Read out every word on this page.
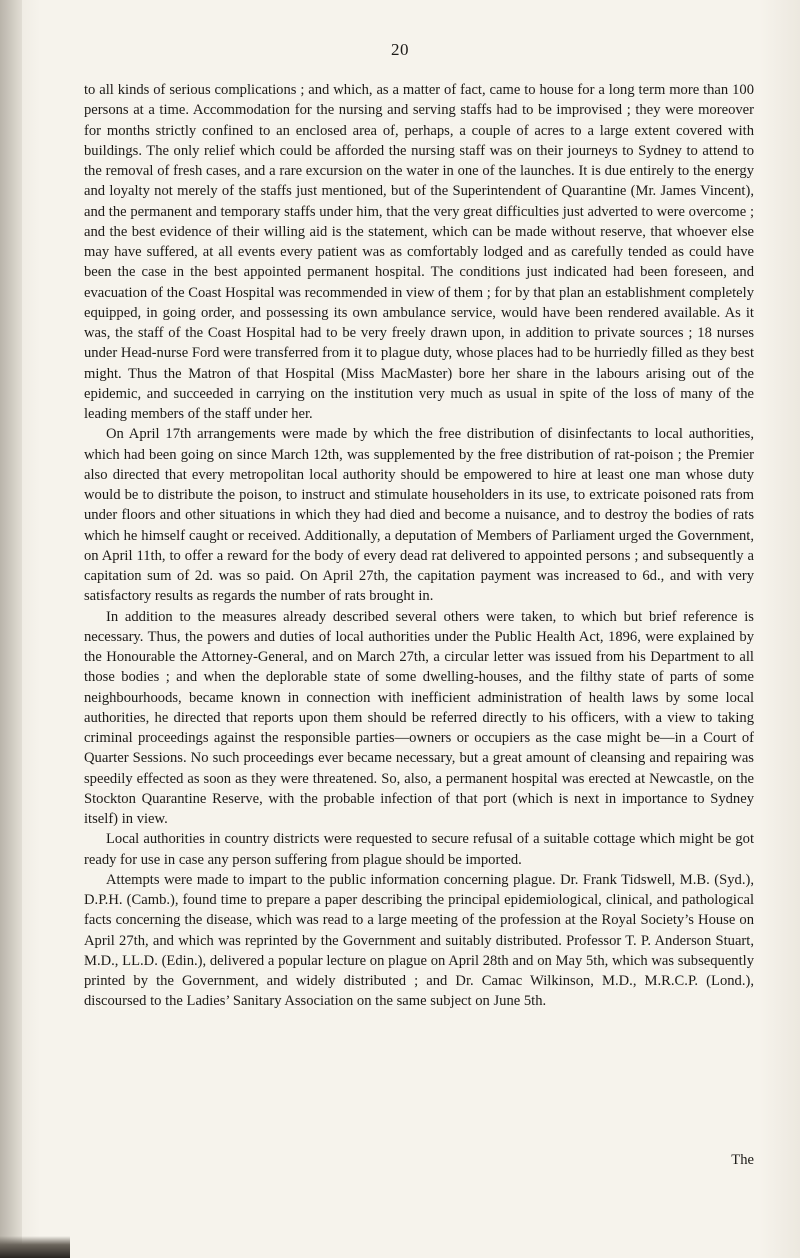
20

to all kinds of serious complications ; and which, as a matter of fact, came to house for a long term more than 100 persons at a time. Accommodation for the nursing and serving staffs had to be improvised ; they were moreover for months strictly confined to an enclosed area of, perhaps, a couple of acres to a large extent covered with buildings. The only relief which could be afforded the nursing staff was on their journeys to Sydney to attend to the removal of fresh cases, and a rare excursion on the water in one of the launches. It is due entirely to the energy and loyalty not merely of the staffs just mentioned, but of the Superintendent of Quarantine (Mr. James Vincent), and the permanent and temporary staffs under him, that the very great difficulties just adverted to were overcome ; and the best evidence of their willing aid is the statement, which can be made without reserve, that whoever else may have suffered, at all events every patient was as comfortably lodged and as carefully tended as could have been the case in the best appointed permanent hospital. The conditions just indicated had been foreseen, and evacuation of the Coast Hospital was recommended in view of them ; for by that plan an establishment completely equipped, in going order, and possessing its own ambulance service, would have been rendered available. As it was, the staff of the Coast Hospital had to be very freely drawn upon, in addition to private sources ; 18 nurses under Head-nurse Ford were transferred from it to plague duty, whose places had to be hurriedly filled as they best might. Thus the Matron of that Hospital (Miss MacMaster) bore her share in the labours arising out of the epidemic, and succeeded in carrying on the institution very much as usual in spite of the loss of many of the leading members of the staff under her.

On April 17th arrangements were made by which the free distribution of disinfectants to local authorities, which had been going on since March 12th, was supplemented by the free distribution of rat-poison ; the Premier also directed that every metropolitan local authority should be empowered to hire at least one man whose duty would be to distribute the poison, to instruct and stimulate householders in its use, to extricate poisoned rats from under floors and other situations in which they had died and become a nuisance, and to destroy the bodies of rats which he himself caught or received. Additionally, a deputation of Members of Parliament urged the Government, on April 11th, to offer a reward for the body of every dead rat delivered to appointed persons ; and subsequently a capitation sum of 2d. was so paid. On April 27th, the capitation payment was increased to 6d., and with very satisfactory results as regards the number of rats brought in.

In addition to the measures already described several others were taken, to which but brief reference is necessary. Thus, the powers and duties of local authorities under the Public Health Act, 1896, were explained by the Honourable the Attorney-General, and on March 27th, a circular letter was issued from his Department to all those bodies ; and when the deplorable state of some dwelling-houses, and the filthy state of parts of some neighbourhoods, became known in connection with inefficient administration of health laws by some local authorities, he directed that reports upon them should be referred directly to his officers, with a view to taking criminal proceedings against the responsible parties—owners or occupiers as the case might be—in a Court of Quarter Sessions. No such proceedings ever became necessary, but a great amount of cleansing and repairing was speedily effected as soon as they were threatened. So, also, a permanent hospital was erected at Newcastle, on the Stockton Quarantine Reserve, with the probable infection of that port (which is next in importance to Sydney itself) in view.

Local authorities in country districts were requested to secure refusal of a suitable cottage which might be got ready for use in case any person suffering from plague should be imported.

Attempts were made to impart to the public information concerning plague. Dr. Frank Tidswell, M.B. (Syd.), D.P.H. (Camb.), found time to prepare a paper describing the principal epidemiological, clinical, and pathological facts concerning the disease, which was read to a large meeting of the profession at the Royal Society’s House on April 27th, and which was reprinted by the Government and suitably distributed. Professor T. P. Anderson Stuart, M.D., LL.D. (Edin.), delivered a popular lecture on plague on April 28th and on May 5th, which was subsequently printed by the Government, and widely distributed ; and Dr. Camac Wilkinson, M.D., M.R.C.P. (Lond.), discoursed to the Ladies’ Sanitary Association on the same subject on June 5th.

The
